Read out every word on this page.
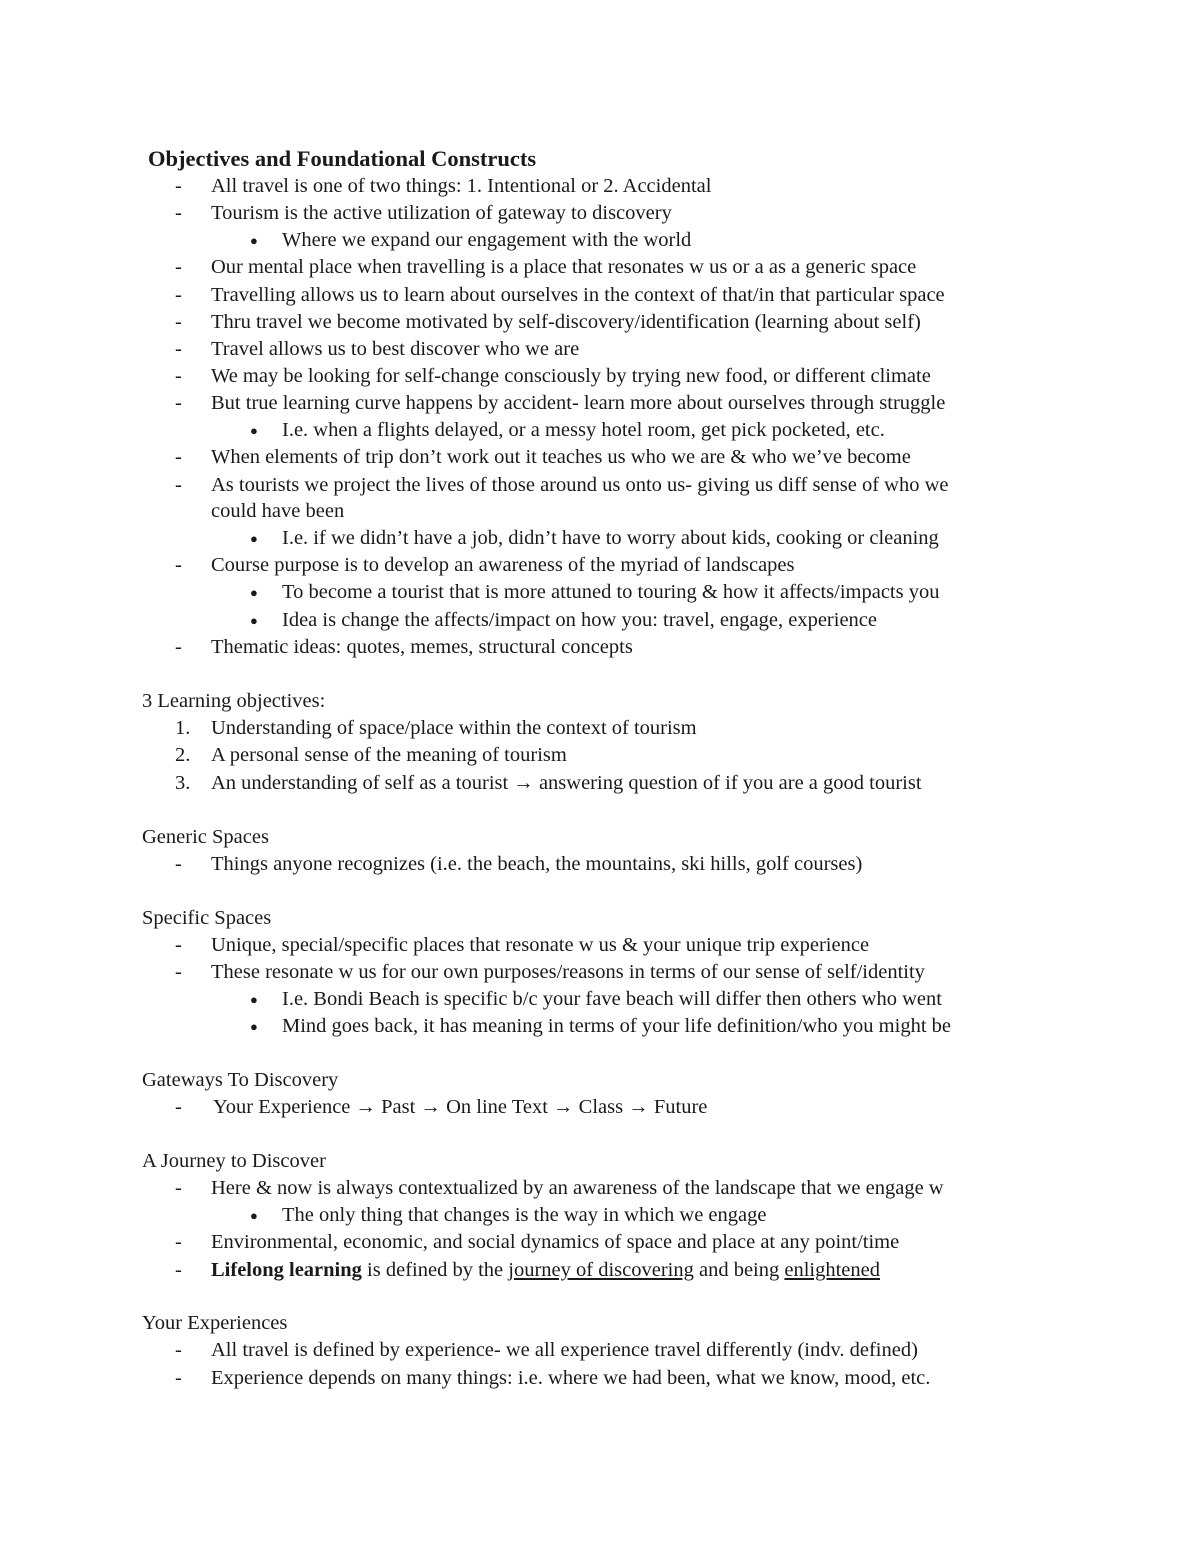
Objectives and Foundational Constructs
-	All travel is one of two things: 1. Intentional or 2. Accidental
-	Tourism is the active utilization of gateway to discovery
● Where we expand our engagement with the world
-	Our mental place when travelling is a place that resonates w us or a as a generic space
-	Travelling allows us to learn about ourselves in the context of that/in that particular space
-	Thru travel we become motivated by self-discovery/identification (learning about self)
-	Travel allows us to best discover who we are
-	We may be looking for self-change consciously by trying new food, or different climate
-	But true learning curve happens by accident- learn more about ourselves through struggle
● I.e. when a flights delayed, or a messy hotel room, get pick pocketed, etc.
-	When elements of trip don’t work out it teaches us who we are & who we’ve become
-	As tourists we project the lives of those around us onto us- giving us diff sense of who we
could have been
● I.e. if we didn’t have a job, didn’t have to worry about kids, cooking or cleaning
-	Course purpose is to develop an awareness of the myriad of landscapes
● To become a tourist that is more attuned to touring & how it affects/impacts you
● Idea is change the affects/impact on how you: travel, engage, experience
-	Thematic ideas: quotes, memes, structural concepts
3 Learning objectives:
1.	Understanding of space/place within the context of tourism
2.	A personal sense of the meaning of tourism
3.	An understanding of self as a tourist → answering question of if you are a good tourist
Generic Spaces
-	Things anyone recognizes (i.e. the beach, the mountains, ski hills, golf courses)
Specific Spaces
-	Unique, special/specific places that resonate w us & your unique trip experience
-	These resonate w us for our own purposes/reasons in terms of our sense of self/identity
● I.e. Bondi Beach is specific b/c your fave beach will differ then others who went
● Mind goes back, it has meaning in terms of your life definition/who you might be
Gateways To Discovery
-	Your Experience → Past → On line Text → Class → Future
A Journey to Discover
-	Here & now is always contextualized by an awareness of the landscape that we engage w
● The only thing that changes is the way in which we engage
-	Environmental, economic, and social dynamics of space and place at any point/time
-	Lifelong learning is defined by the journey of discovering and being enlightened
Your Experiences
-	All travel is defined by experience- we all experience travel differently (indv. defined)
-	Experience depends on many things: i.e. where we had been, what we know, mood, etc.
